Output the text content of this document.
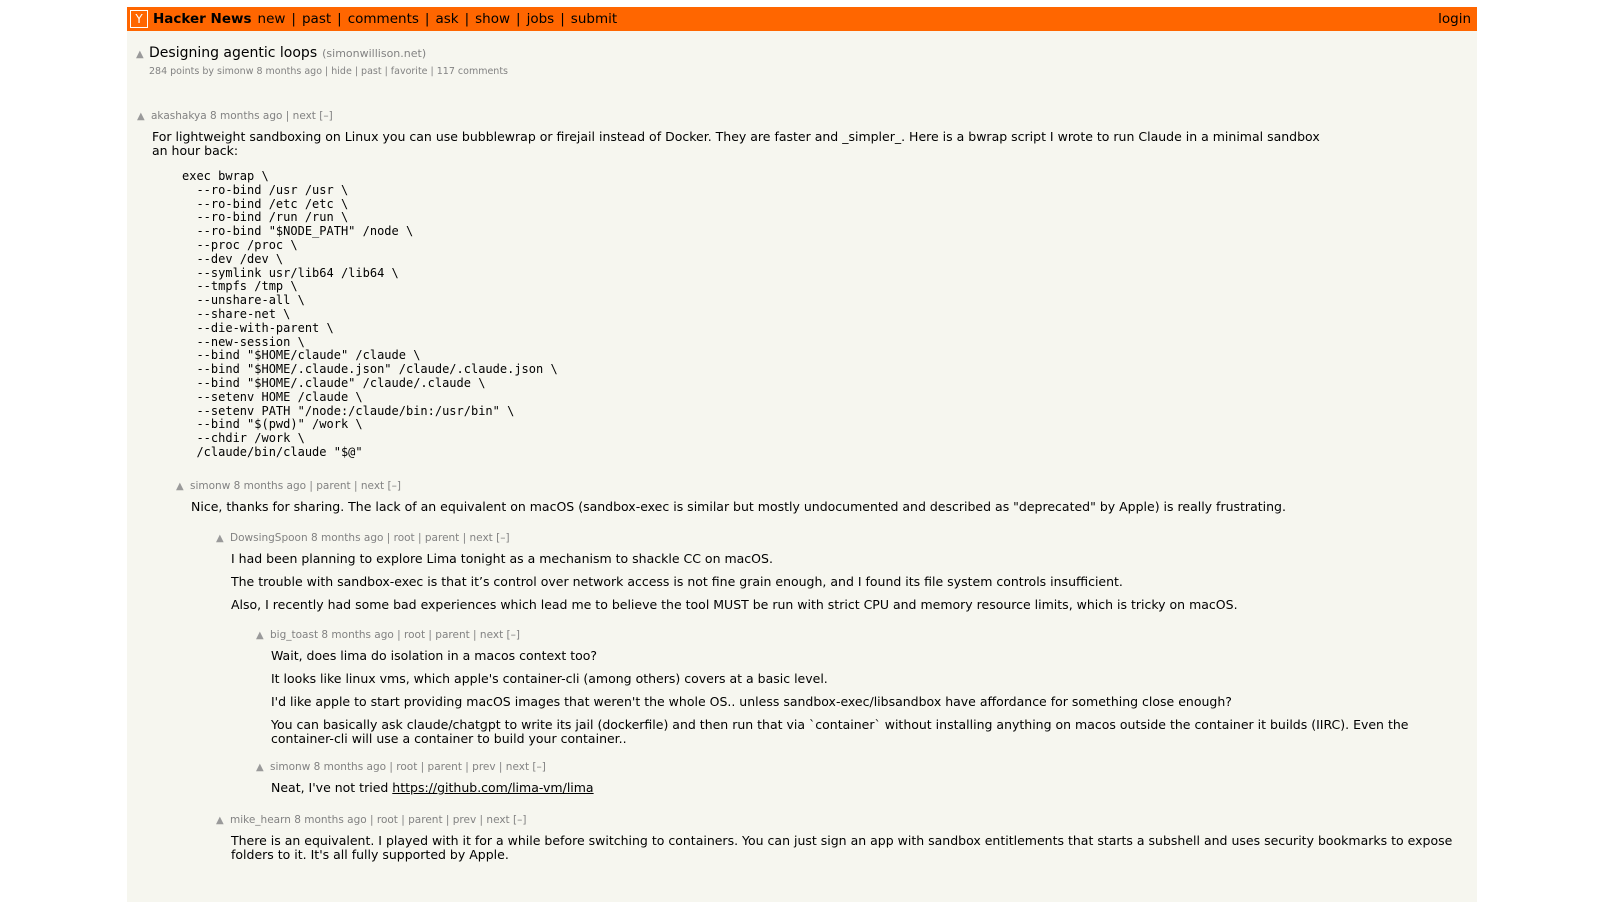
Y Hacker News new | past | comments | ask | show | jobs | submit	login
▲ Designing agentic loops (simonwillison.net)
284 points by simonw 8 months ago | hide | past | favorite | 117 comments
▲ akashakya 8 months ago | next [–]

For lightweight sandboxing on Linux you can use bubblewrap or firejail instead of Docker. They are faster and _simpler_. Here is a bwrap script I wrote to run Claude in a minimal sandbox an hour back:

exec bwrap \
--ro-bind /usr /usr \
--ro-bind /etc /etc \
--ro-bind /run /run \
--ro-bind "$NODE_PATH" /node \
--proc /proc \
--dev /dev \
--symlink usr/lib64 /lib64 \
--tmpfs /tmp \
--unshare-all \
--share-net \
--die-with-parent \
--new-session \
--bind "$HOME/claude" /claude \
--bind "$HOME/.claude.json" /claude/.claude.json \
--bind "$HOME/.claude" /claude/.claude \
--setenv HOME /claude \
--setenv PATH "/node:/claude/bin:/usr/bin" \
--bind "$(pwd)" /work \
--chdir /work \
/claude/bin/claude "$@"
▲ simonw 8 months ago | parent | next [–]

Nice, thanks for sharing. The lack of an equivalent on macOS (sandbox-exec is similar but mostly undocumented and described as "deprecated" by Apple) is really frustrating.

▲ DowsingSpoon 8 months ago | root | parent | next [–]

I had been planning to explore Lima tonight as a mechanism to shackle CC on macOS.

The trouble with sandbox-exec is that it’s control over network access is not fine grain enough, and I found its file system controls insufficient.

Also, I recently had some bad experiences which lead me to believe the tool MUST be run with strict CPU and memory resource limits, which is tricky on macOS.

▲ big_toast 8 months ago | root | parent | next [–]

Wait, does lima do isolation in a macos context too?

It looks like linux vms, which apple's container-cli (among others) covers at a basic level.

I'd like apple to start providing macOS images that weren't the whole OS.. unless sandbox-exec/libsandbox have affordance for something close enough?

You can basically ask claude/chatgpt to write its jail (dockerfile) and then run that via `container` without installing anything on macos outside the container it builds (IIRC). Even the container-cli will use a container to build your container..

▲ simonw 8 months ago | root | parent | prev | next [–]

Neat, I've not tried https://github.com/lima-vm/lima

▲ mike_hearn 8 months ago | root | parent | prev | next [–]

There is an equivalent. I played with it for a while before switching to containers. You can just sign an app with sandbox entitlements that starts a subshell and uses security bookmarks to expose folders to it. It's all fully supported by Apple.
